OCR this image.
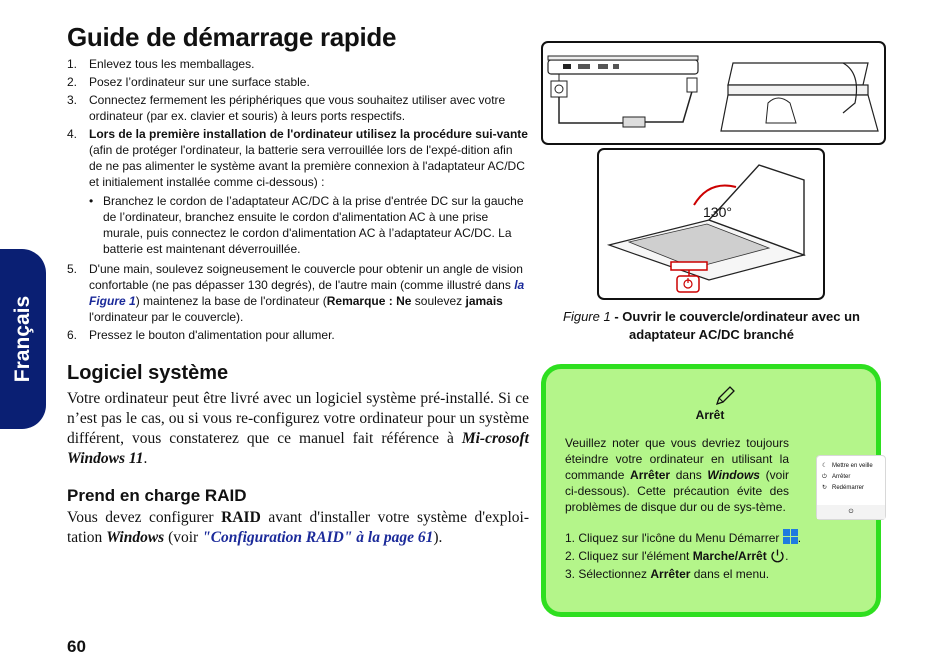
Français
Guide de démarrage rapide
1. Enlevez tous les memballages.
2. Posez l’ordinateur sur une surface stable.
3. Connectez fermement les périphériques que vous souhaitez utiliser avec votre ordinateur (par ex. clavier et souris) à leurs ports respectifs.
4. Lors de la première installation de l'ordinateur utilisez la procédure sui-vante (afin de protéger l'ordinateur, la batterie sera verrouillée lors de l'expé-dition afin de ne pas alimenter le système avant la première connexion à l'adaptateur AC/DC et initialement installée comme ci-dessous) :
• Branchez le cordon de l’adaptateur AC/DC à la prise d'entrée DC sur la gauche de l’ordinateur, branchez ensuite le cordon d'alimentation AC à une prise murale, puis connectez le cordon d'alimentation AC à l’adaptateur AC/DC. La batterie est maintenant déverrouillée.
5. D'une main, soulevez soigneusement le couvercle pour obtenir un angle de vision confortable (ne pas dépasser 130 degrés), de l'autre main (comme illustré dans la Figure 1) maintenez la base de l'ordinateur (Remarque : Ne soulevez jamais l'ordinateur par le couvercle).
6. Pressez le bouton d'alimentation pour allumer.
Logiciel système

Votre ordinateur peut être livré avec un logiciel système pré-installé. Si ce n’est pas le cas, ou si vous re-configurez votre ordinateur pour un système différent, vous constaterez que ce manuel fait référence à Mi-crosoft Windows 11.

Prend en charge RAID

Vous devez configurer RAID avant d'installer votre système d'exploi-tation Windows (voir "Configuration RAID" à la page 61).

130°
Figure 1 - Ouvrir le couvercle/ordinateur avec un adaptateur AC/DC branché
Arrêt
Veuillez noter que vous devriez toujours éteindre votre ordinateur en utilisant la commande Arrêter dans Windows (voir ci-dessous). Cette précaution évite des problèmes de disque dur ou de sys-tème.
☾ Mettre en veille
⏻ Arrêter
↻ Redémarrer
⏻
1. Cliquez sur l'icône du Menu Démarrer .
2. Cliquez sur l'élément Marche/Arrêt .
3. Sélectionnez Arrêter dans el menu.
60
